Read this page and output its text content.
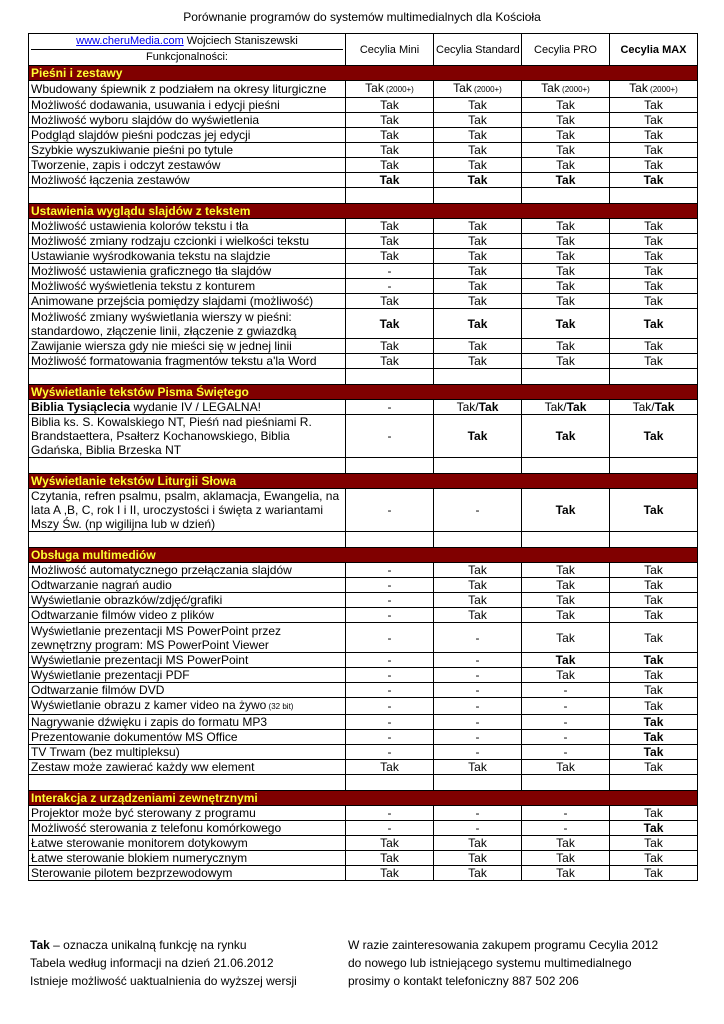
Porównanie programów do systemów multimedialnych dla Kościoła
www.cheruMedia.com Wojciech Staniszewski
Funkcjonalności:	Cecylia Mini	Cecylia Standard	Cecylia PRO	Cecylia MAX
Pieśni i zestawy				
Wbudowany śpiewnik z podziałem na okresy liturgiczne	Tak (2000+)	Tak (2000+)	Tak (2000+)	Tak (2000+)
Możliwość dodawania, usuwania i edycji pieśni	Tak	Tak	Tak	Tak
Możliwość wyboru slajdów do wyświetlenia	Tak	Tak	Tak	Tak
Podgląd slajdów pieśni podczas jej edycji	Tak	Tak	Tak	Tak
Szybkie wyszukiwanie pieśni po tytule	Tak	Tak	Tak	Tak
Tworzenie, zapis i odczyt zestawów	Tak	Tak	Tak	Tak
Możliwość łączenia zestawów	Tak	Tak	Tak	Tak

Ustawienia wyglądu slajdów z tekstem				
Możliwość ustawienia kolorów tekstu i tła	Tak	Tak	Tak	Tak
Możliwość zmiany rodzaju czcionki i wielkości tekstu	Tak	Tak	Tak	Tak
Ustawianie wyśrodkowania tekstu na slajdzie	Tak	Tak	Tak	Tak
Możliwość ustawienia graficznego tła slajdów	-	Tak	Tak	Tak
Możliwość wyświetlenia tekstu z konturem	-	Tak	Tak	Tak
Animowane przejścia pomiędzy slajdami (możliwość)	Tak	Tak	Tak	Tak
Możliwość zmiany wyświetlania wierszy w pieśni: standardowo, złączenie linii, złączenie z gwiazdką	Tak	Tak	Tak	Tak
Zawijanie wiersza gdy nie mieści się w jednej linii	Tak	Tak	Tak	Tak
Możliwość formatowania fragmentów tekstu a'la Word	Tak	Tak	Tak	Tak

Wyświetlanie tekstów Pisma Świętego				
Biblia Tysiąclecia wydanie IV / LEGALNA!	-	Tak/Tak	Tak/Tak	Tak/Tak
Biblia ks. S. Kowalskiego NT, Pieśń nad pieśniami R. Brandstaettera, Psałterz Kochanowskiego, Biblia Gdańska, Biblia Brzeska NT	-	Tak	Tak	Tak

Wyświetlanie tekstów Liturgii Słowa				
Czytania, refren psalmu, psalm, aklamacja, Ewangelia, na lata A ,B, C, rok I i II, uroczystości i święta z wariantami Mszy Św. (np wigilijna lub w dzień)	-	-	Tak	Tak

Obsługa multimediów				
Możliwość automatycznego przełączania slajdów	-	Tak	Tak	Tak
Odtwarzanie nagrań audio	-	Tak	Tak	Tak
Wyświetlanie obrazków/zdjęć/grafiki	-	Tak	Tak	Tak
Odtwarzanie filmów video z plików	-	Tak	Tak	Tak
Wyświetlanie prezentacji MS PowerPoint przez zewnętrzny program: MS PowerPoint Viewer	-	-	Tak	Tak
Wyświetlanie prezentacji MS PowerPoint	-	-	Tak	Tak
Wyświetlanie prezentacji PDF	-	-	Tak	Tak
Odtwarzanie filmów DVD	-	-	-	Tak
Wyświetlanie obrazu z kamer video na żywo (32 bit)	-	-	-	Tak
Nagrywanie dźwięku i zapis do formatu MP3	-	-	-	Tak
Prezentowanie dokumentów MS Office	-	-	-	Tak
TV Trwam (bez multipleksu)	-	-	-	Tak
Zestaw może zawierać każdy ww element	Tak	Tak	Tak	Tak

Interakcja z urządzeniami zewnętrznymi				
Projektor może być sterowany z programu	-	-	-	Tak
Możliwość sterowania z telefonu komórkowego	-	-	-	Tak
Łatwe sterowanie monitorem dotykowym	Tak	Tak	Tak	Tak
Łatwe sterowanie blokiem numerycznym	Tak	Tak	Tak	Tak
Sterowanie pilotem bezprzewodowym	Tak	Tak	Tak	Tak
Tak – oznacza unikalną funkcję na rynku
Tabela według informacji na dzień 21.06.2012
Istnieje możliwość uaktualnienia do wyższej wersji
W razie zainteresowania zakupem programu Cecylia 2012
do nowego lub istniejącego systemu multimedialnego
prosimy o kontakt telefoniczny 887 502 206
